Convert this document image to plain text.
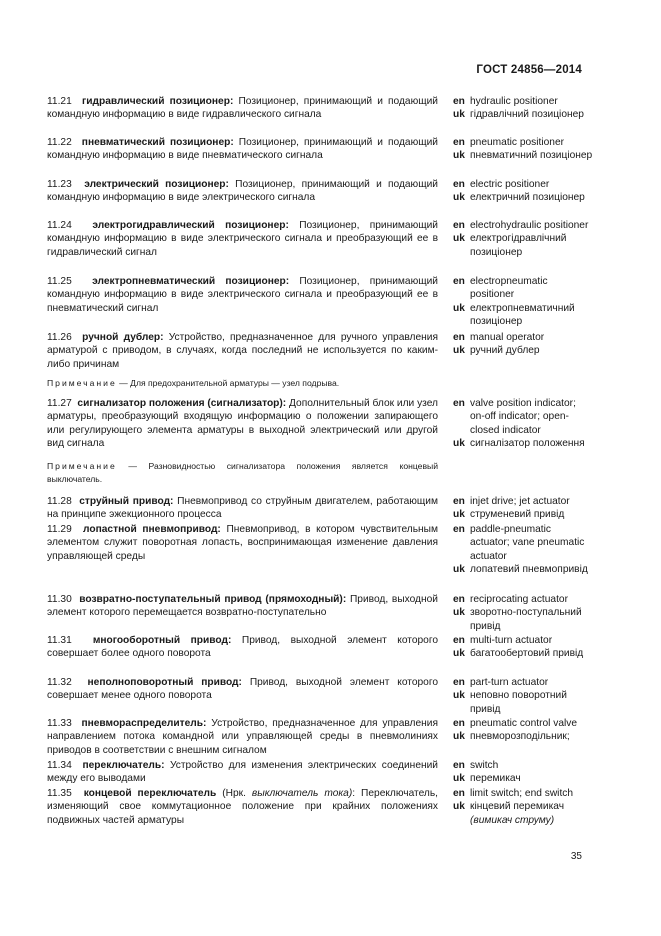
ГОСТ 24856—2014
11.21 гидравлический позиционер: Позиционер, принимающий и подающий командную информацию в виде гидравлического сигнала
en hydraulic positioner
uk гідравлічний позиціонер
11.22 пневматический позиционер: Позиционер, принимающий и подающий командную информацию в виде пневматического сигнала
en pneumatic positioner
uk пневматичний позиціонер
11.23 электрический позиционер: Позиционер, принимающий и подающий командную информацию в виде электрического сигнала
en electric positioner
uk електричний позиціонер
11.24 электрогидравлический позиционер: Позиционер, принимающий командную информацию в виде электрического сигнала и преобразующий ее в гидравлический сигнал
en electrohydraulic positioner
uk електрогідравлічний позиціонер
11.25 электропневматический позиционер: Позиционер, принимающий командную информацию в виде электрического сигнала и преобразующий ее в пневматический сигнал
en electropneumatic positioner
uk електропневматичний позиціонер
11.26 ручной дублер: Устройство, предназначенное для ручного управления арматурой с приводом, в случаях, когда последний не используется по каким-либо причинам
en manual operator
uk ручний дублер
Примечание — Для предохранительной арматуры — узел подрыва.
11.27 сигнализатор положения (сигнализатор): Дополнительный блок или узел арматуры, преобразующий входящую информацию о положении запирающего или регулирующего элемента арматуры в выходной электрический или другой вид сигнала
en valve position indicator; on-off indicator; open-closed indicator
uk сигналізатор положення
Примечание — Разновидностью сигнализатора положения является концевый выключатель.
11.28 струйный привод: Пневмопривод со струйным двигателем, работающим на принципе эжекционного процесса
en injet drive; jet actuator
uk струменевий привід
11.29 лопастной пневмопривод: Пневмопривод, в котором чувствительным элементом служит поворотная лопасть, воспринимающая изменение давления управляющей среды
en paddle-pneumatic actuator; vane pneumatic actuator
uk лопатевий пневмопривід
11.30 возвратно-поступательный привод (прямоходный): Привод, выходной элемент которого перемещается возвратно-поступательно
en reciprocating actuator
uk зворотно-поступальний привід
11.31 многооборотный привод: Привод, выходной элемент которого совершает более одного поворота
en multi-turn actuator
uk багатообертовий привід
11.32 неполноповоротный привод: Привод, выходной элемент которого совершает менее одного поворота
en part-turn actuator
uk неповно поворотний привід
11.33 пневмораспределитель: Устройство, предназначенное для управления направлением потока командной или управляющей среды в пневмолиниях приводов в соответствии с внешним сигналом
en pneumatic control valve
uk пневморозподільник;
11.34 переключатель: Устройство для изменения электрических соединений между его выводами
en switch
uk перемикач
11.35 концевой переключатель (Нрк. выключатель тока): Переключатель, изменяющий свое коммутационное положение при крайних положениях подвижных частей арматуры
en limit switch; end switch
uk кінцевий перемикач
(вимикач струму)
35
